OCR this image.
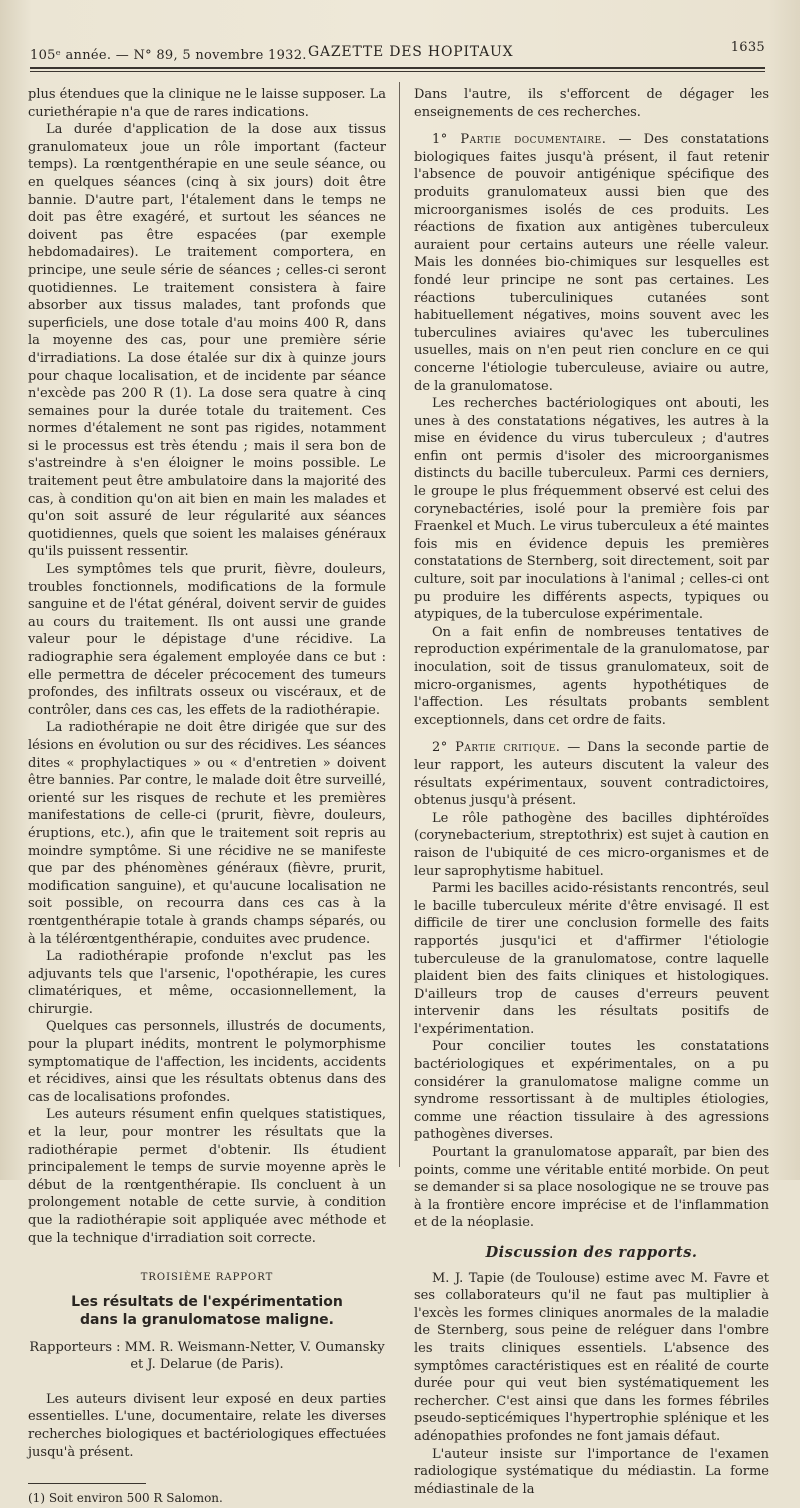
105ᵉ année. — N° 89, 5 novembre 1932. GAZETTE DES HOPITAUX	1635

plus étendues que la clinique ne le laisse supposer. La curiethérapie n'a que de rares indications.

La durée d'application de la dose aux tissus granulomateux joue un rôle important (facteur temps). La rœntgenthérapie en une seule séance, ou en quelques séances (cinq à six jours) doit être bannie. D'autre part, l'étalement dans le temps ne doit pas être exagéré, et surtout les séances ne doivent pas être espacées (par exemple hebdomadaires). Le traitement comportera, en principe, une seule série de séances ; celles-ci seront quotidiennes. Le traitement consistera à faire absorber aux tissus malades, tant profonds que superficiels, une dose totale d'au moins 400 R, dans la moyenne des cas, pour une première série d'irradiations. La dose étalée sur dix à quinze jours pour chaque localisation, et de incidente par séance n'excède pas 200 R (1). La dose sera quatre à cinq semaines pour la durée totale du traitement. Ces normes d'étalement ne sont pas rigides, notamment si le processus est très étendu ; mais il sera bon de s'astreindre à s'en éloigner le moins possible. Le traitement peut être ambulatoire dans la majorité des cas, à condition qu'on ait bien en main les malades et qu'on soit assuré de leur régularité aux séances quotidiennes, quels que soient les malaises généraux qu'ils puissent ressentir.

Les symptômes tels que prurit, fièvre, douleurs, troubles fonctionnels, modifications de la formule sanguine et de l'état général, doivent servir de guides au cours du traitement. Ils ont aussi une grande valeur pour le dépistage d'une récidive. La radiographie sera également employée dans ce but : elle permettra de déceler précocement des tumeurs profondes, des infiltrats osseux ou viscéraux, et de contrôler, dans ces cas, les effets de la radiothérapie.

La radiothérapie ne doit être dirigée que sur des lésions en évolution ou sur des récidives. Les séances dites « prophylactiques » ou « d'entretien » doivent être bannies. Par contre, le malade doit être surveillé, orienté sur les risques de rechute et les premières manifestations de celle-ci (prurit, fièvre, douleurs, éruptions, etc.), afin que le traitement soit repris au moindre symptôme. Si une récidive ne se manifeste que par des phénomènes généraux (fièvre, prurit, modification sanguine), et qu'aucune localisation ne soit possible, on recourra dans ces cas à la rœntgenthérapie totale à grands champs séparés, ou à la télérœntgenthérapie, conduites avec prudence.

La radiothérapie profonde n'exclut pas les adjuvants tels que l'arsenic, l'opothérapie, les cures climatériques, et même, occasionnellement, la chirurgie.

Quelques cas personnels, illustrés de documents, pour la plupart inédits, montrent le polymorphisme symptomatique de l'affection, les incidents, accidents et récidives, ainsi que les résultats obtenus dans des cas de localisations profondes.

Les auteurs résument enfin quelques statistiques, et la leur, pour montrer les résultats que la radiothérapie permet d'obtenir. Ils étudient principalement le temps de survie moyenne après le début de la rœntgenthérapie. Ils concluent à un prolongement notable de cette survie, à condition que la radiothérapie soit appliquée avec méthode et que la technique d'irradiation soit correcte.

TROISIÈME RAPPORT
Les résultats de l'expérimentation
dans la granulomatose maligne.
Rapporteurs : MM. R. Weismann-Netter, V. Oumansky
et J. Delarue (de Paris).

Les auteurs divisent leur exposé en deux parties essentielles. L'une, documentaire, relate les diverses recherches biologiques et bactériologiques effectuées jusqu'à présent.

(1) Soit environ 500 R Salomon.

Dans l'autre, ils s'efforcent de dégager les enseignements de ces recherches.

1° Partie documentaire. — Des constatations biologiques faites jusqu'à présent, il faut retenir l'absence de pouvoir antigénique spécifique des produits granulomateux aussi bien que des microorganismes isolés de ces produits. Les réactions de fixation aux antigènes tuberculeux auraient pour certains auteurs une réelle valeur. Mais les données bio-chimiques sur lesquelles est fondé leur principe ne sont pas certaines. Les réactions tuberculiniques cutanées sont habituellement négatives, moins souvent avec les tuberculines aviaires qu'avec les tuberculines usuelles, mais on n'en peut rien conclure en ce qui concerne l'étiologie tuberculeuse, aviaire ou autre, de la granulomatose.

Les recherches bactériologiques ont abouti, les unes à des constatations négatives, les autres à la mise en évidence du virus tuberculeux ; d'autres enfin ont permis d'isoler des microorganismes distincts du bacille tuberculeux. Parmi ces derniers, le groupe le plus fréquemment observé est celui des corynebactéries, isolé pour la première fois par Fraenkel et Much. Le virus tuberculeux a été maintes fois mis en évidence depuis les premières constatations de Sternberg, soit directement, soit par culture, soit par inoculations à l'animal ; celles-ci ont pu produire les différents aspects, typiques ou atypiques, de la tuberculose expérimentale.

On a fait enfin de nombreuses tentatives de reproduction expérimentale de la granulomatose, par inoculation, soit de tissus granulomateux, soit de micro-organismes, agents hypothétiques de l'affection. Les résultats probants semblent exceptionnels, dans cet ordre de faits.

2° Partie critique. — Dans la seconde partie de leur rapport, les auteurs discutent la valeur des résultats expérimentaux, souvent contradictoires, obtenus jusqu'à présent.

Le rôle pathogène des bacilles diphtéroïdes (corynebacterium, streptothrix) est sujet à caution en raison de l'ubiquité de ces micro-organismes et de leur saprophytisme habituel.

Parmi les bacilles acido-résistants rencontrés, seul le bacille tuberculeux mérite d'être envisagé. Il est difficile de tirer une conclusion formelle des faits rapportés jusqu'ici et d'affirmer l'étiologie tuberculeuse de la granulomatose, contre laquelle plaident bien des faits cliniques et histologiques. D'ailleurs trop de causes d'erreurs peuvent intervenir dans les résultats positifs de l'expérimentation.

Pour concilier toutes les constatations bactériologiques et expérimentales, on a pu considérer la granulomatose maligne comme un syndrome ressortissant à de multiples étiologies, comme une réaction tissulaire à des agressions pathogènes diverses.

Pourtant la granulomatose apparaît, par bien des points, comme une véritable entité morbide. On peut se demander si sa place nosologique ne se trouve pas à la frontière encore imprécise et de l'inflammation et de la néoplasie.

Discussion des rapports.

M. J. Tapie (de Toulouse) estime avec M. Favre et ses collaborateurs qu'il ne faut pas multiplier à l'excès les formes cliniques anormales de la maladie de Sternberg, sous peine de reléguer dans l'ombre les traits cliniques essentiels. L'absence des symptômes caractéristiques est en réalité de courte durée pour qui veut bien systématiquement les rechercher. C'est ainsi que dans les formes fébriles pseudo-septicémiques l'hypertrophie splénique et les adénopathies profondes ne font jamais défaut.

L'auteur insiste sur l'importance de l'examen radiologique systématique du médiastin. La forme médiastinale de la
